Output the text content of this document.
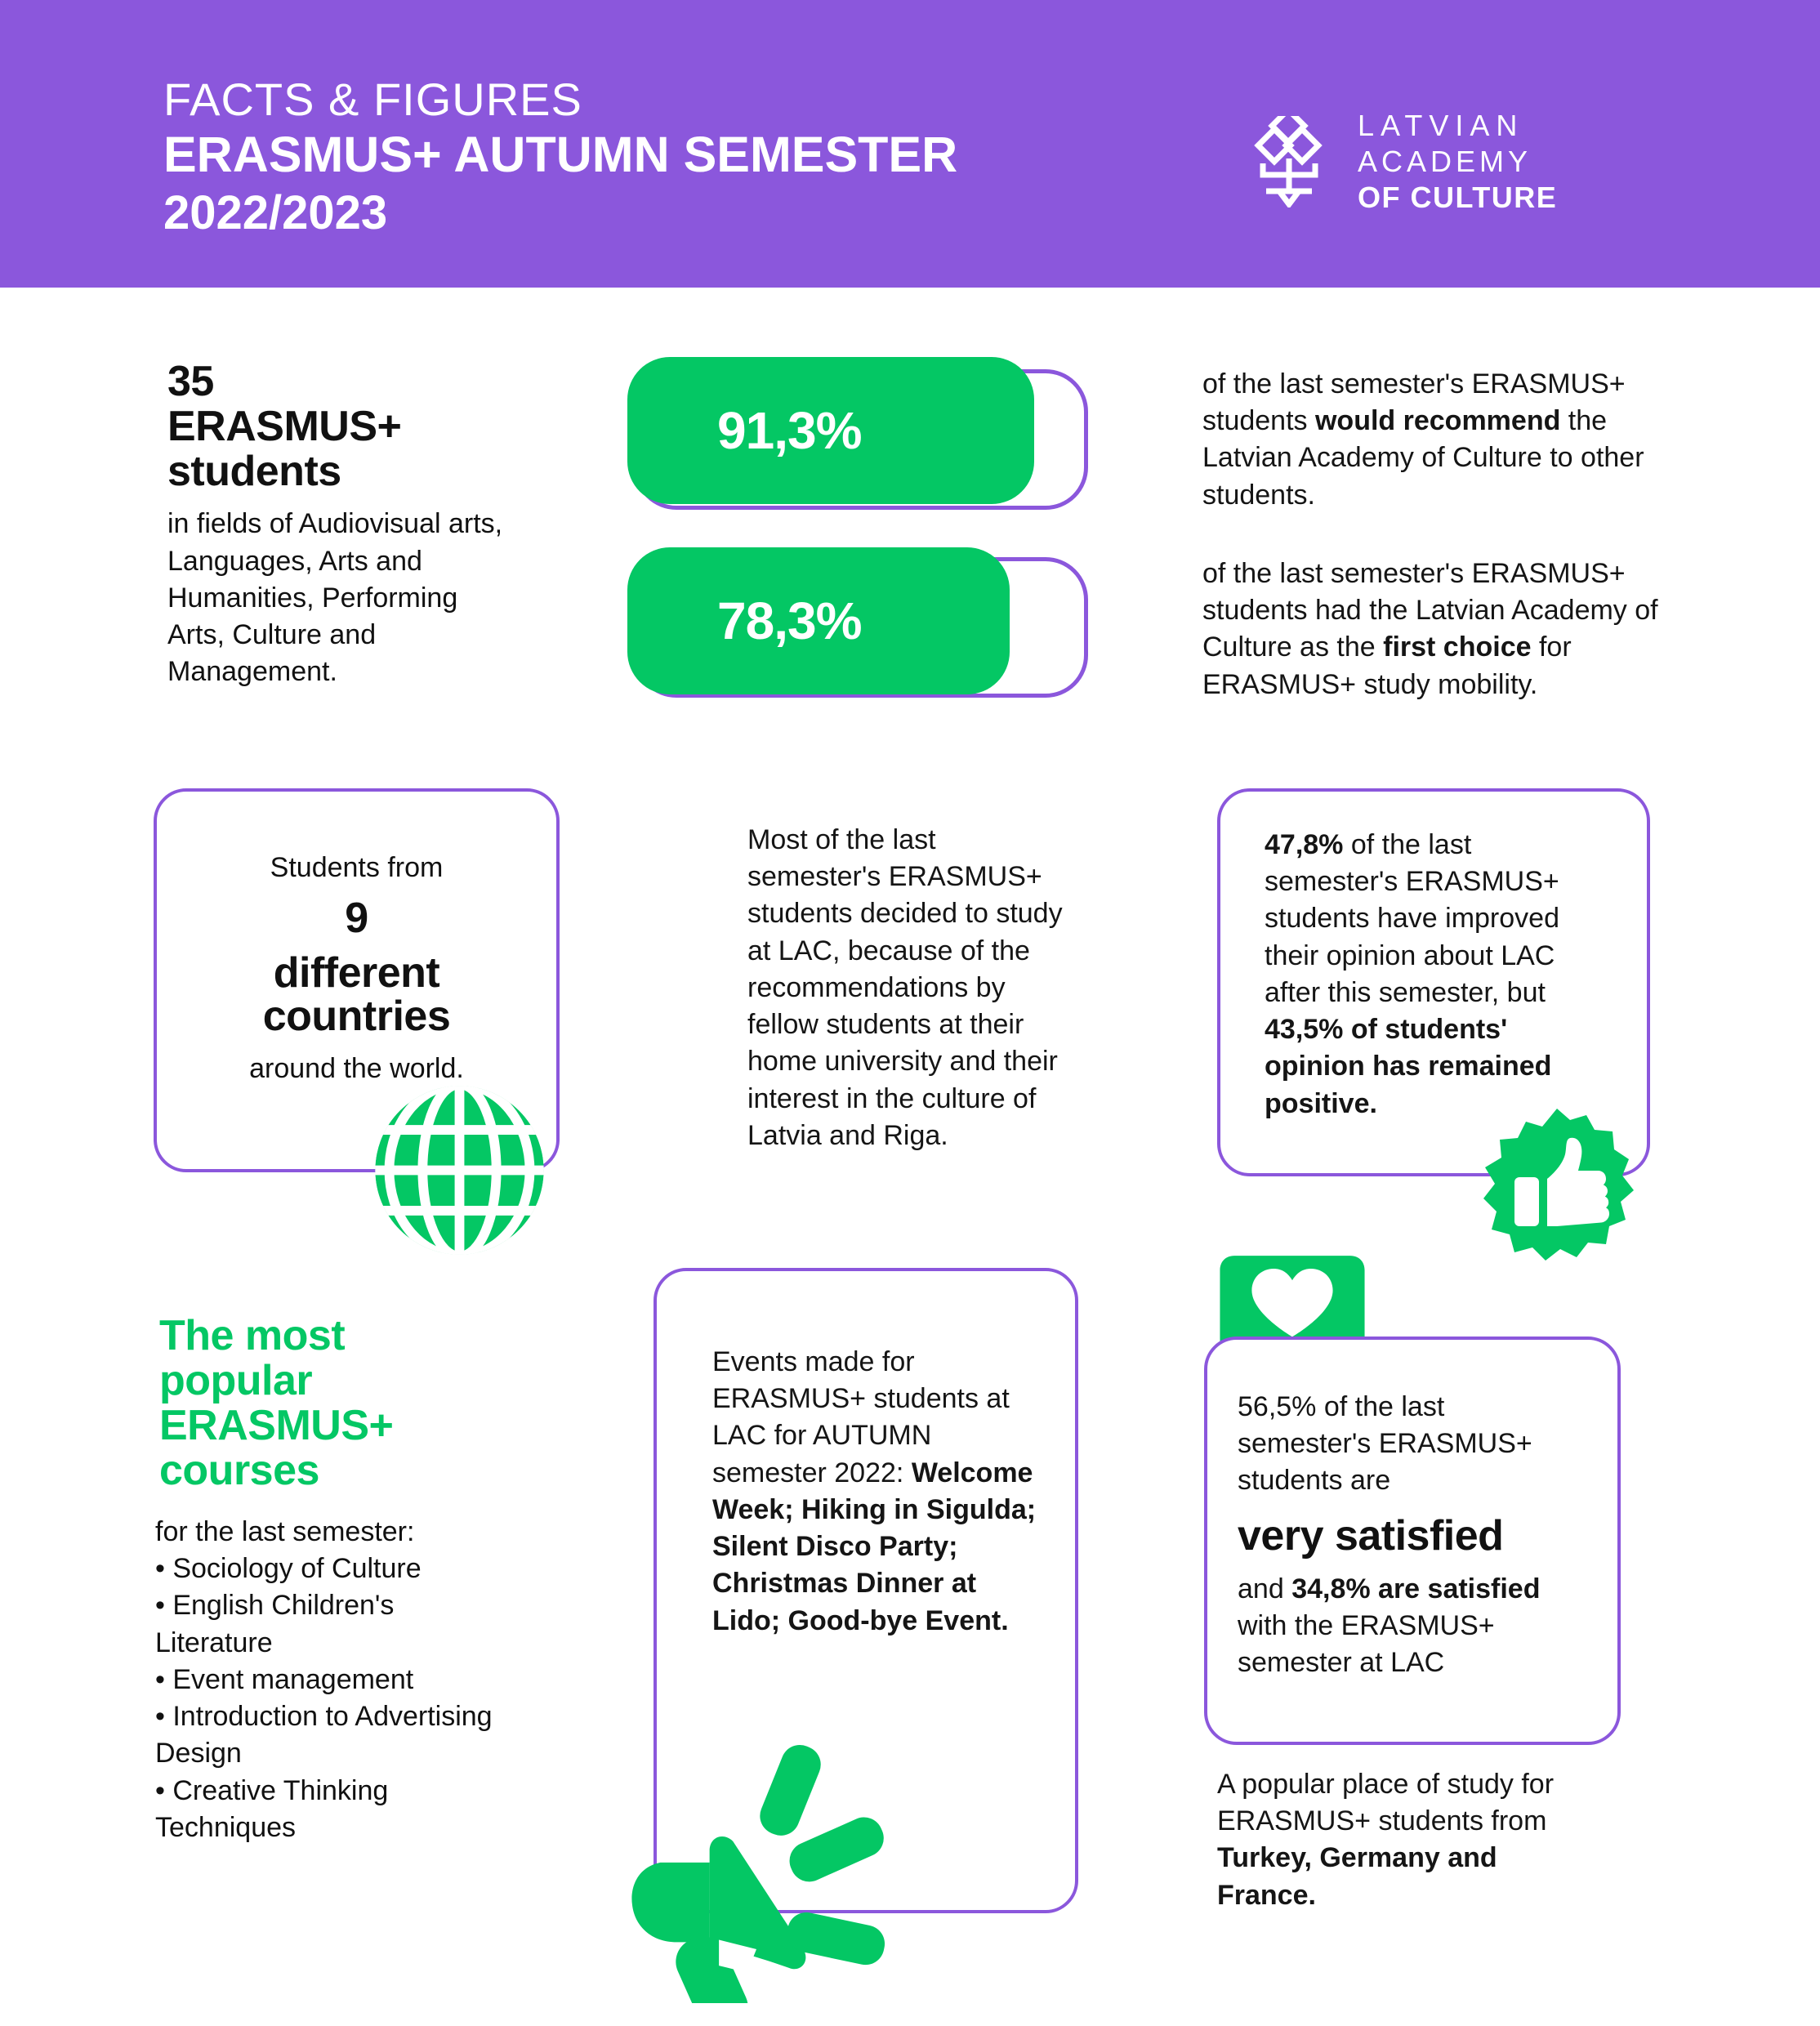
FACTS & FIGURES
ERASMUS+ AUTUMN SEMESTER
2022/2023
LATVIAN
ACADEMY
OF CULTURE
35
ERASMUS+
students
in fields of Audiovisual arts, Languages, Arts and Humanities, Performing Arts, Culture and Management.
91,3%
of the last semester's ERASMUS+ students would recommend the Latvian Academy of Culture to other students.
78,3%
of the last semester's ERASMUS+ students had the Latvian Academy of Culture as the first choice for ERASMUS+ study mobility.
Students from
9
different
countries
around the world.
Most of the last semester's ERASMUS+ students decided to study at LAC, because of the recommendations by fellow students at their home university and their interest in the culture of Latvia and Riga.
47,8% of the last semester's ERASMUS+ students have improved their opinion about LAC after this semester, but 43,5% of students' opinion has remained positive.
The most
popular
ERASMUS+
courses
for the last semester:
• Sociology of Culture
• English Children's Literature
• Event management
• Introduction to Advertising Design
• Creative Thinking Techniques
Events made for ERASMUS+ students at LAC for AUTUMN semester 2022: Welcome Week; Hiking in Sigulda; Silent Disco Party; Christmas Dinner at Lido; Good-bye Event.
56,5% of the last semester's ERASMUS+ students are
very satisfied
and 34,8% are satisfied with the ERASMUS+ semester at LAC
A popular place of study for ERASMUS+ students from Turkey, Germany and France.
